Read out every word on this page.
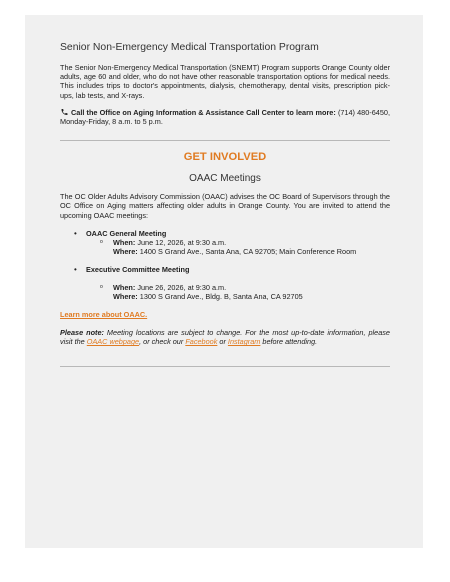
Senior Non-Emergency Medical Transportation Program

The Senior Non-Emergency Medical Transportation (SNEMT) Program supports Orange County older adults, age 60 and older, who do not have other reasonable transportation options for medical needs. This includes trips to doctor's appointments, dialysis, chemotherapy, dental visits, prescription pick-ups, lab tests, and X-rays.

Call the Office on Aging Information & Assistance Call Center to learn more: (714) 480-6450, Monday-Friday, 8 a.m. to 5 p.m.

GET INVOLVED
OAAC Meetings

The OC Older Adults Advisory Commission (OAAC) advises the OC Board of Supervisors through the OC Office on Aging matters affecting older adults in Orange County. You are invited to attend the upcoming OAAC meetings:

• OAAC General Meeting
o When: June 12, 2026, at 9:30 a.m.
Where: 1400 S Grand Ave., Santa Ana, CA 92705; Main Conference Room
• Executive Committee Meeting
o When: June 26, 2026, at 9:30 a.m.
Where: 1300 S Grand Ave., Bldg. B, Santa Ana, CA 92705
Learn more about OAAC.

Please note: Meeting locations are subject to change. For the most up-to-date information, please visit the OAAC webpage, or check our Facebook or Instagram before attending.
